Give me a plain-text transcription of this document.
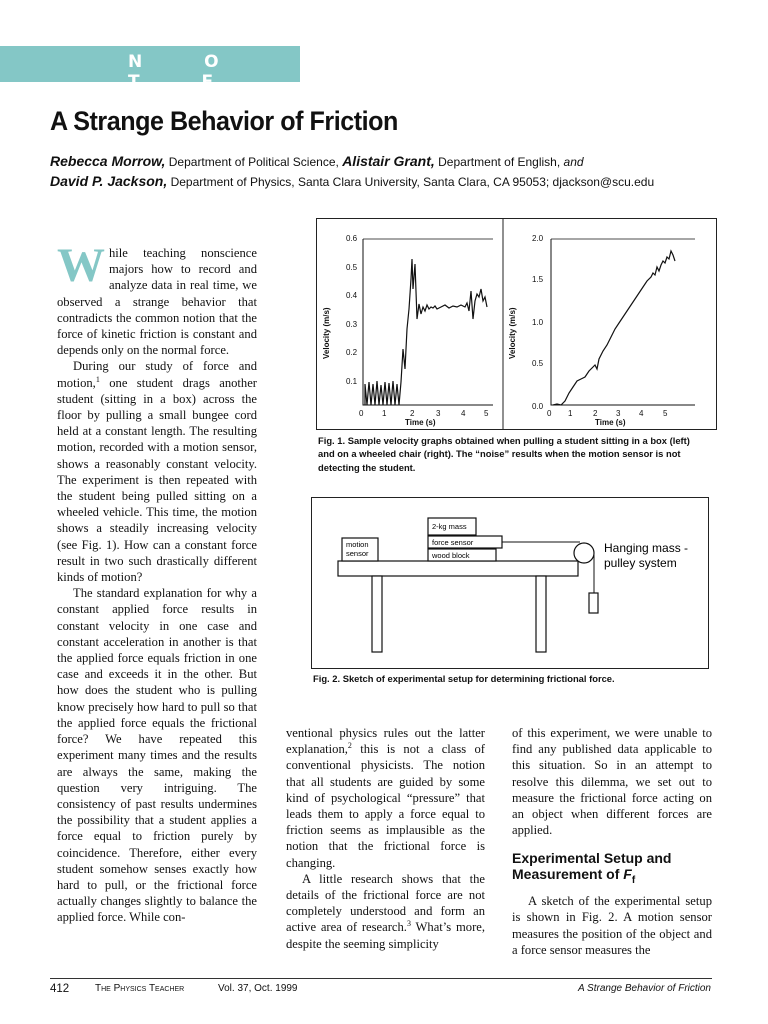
N O T E
A Strange Behavior of Friction
Rebecca Morrow, Department of Political Science, Alistair Grant, Department of English, and
David P. Jackson, Department of Physics, Santa Clara University, Santa Clara, CA 95053; djackson@scu.edu

While teaching nonscience majors how to record and analyze data in real time, we observed a strange behavior that contradicts the common notion that the force of kinetic friction is constant and depends only on the normal force.

During our study of force and motion,$^1$ one student drags another student (sitting in a box) across the floor by pulling a small bungee cord held at a constant length. The resulting motion, recorded with a motion sensor, shows a reasonably constant velocity. The experiment is then repeated with the student being pulled sitting on a wheeled vehicle. This time, the motion shows a steadily increasing velocity (see Fig. 1). How can a constant force result in two such drastically different kinds of motion?

The standard explanation for why a constant applied force results in constant velocity in one case and constant acceleration in another is that the applied force equals friction in one case and exceeds it in the other. But how does the student who is pulling know precisely how hard to pull so that the applied force equals the frictional force? We have repeated this experiment many times and the results are always the same, making the question very intriguing. The consistency of past results undermines the possibility that a student applies a force equal to friction purely by coincidence. Therefore, either every student somehow senses exactly how hard to pull, or the frictional force actually changes slightly to balance the applied force. While con-

ventional physics rules out the latter explanation,$^2$ this is not a class of conventional physicists. The notion that all students are guided by some kind of psychological “pressure” that leads them to apply a force equal to friction seems as implausible as the notion that the frictional force is changing.

A little research shows that the details of the frictional force are not completely understood and form an active area of research.$^3$ What’s more, despite the seeming simplicity

of this experiment, we were unable to find any published data applicable to this situation. So in an attempt to resolve this dilemma, we set out to measure the frictional force acting on an object when different forces are applied.

Experimental Setup and Measurement of $F_f$

A sketch of the experimental setup is shown in Fig. 2. A motion sensor measures the position of the object and a force sensor measures the

0.6
0.5
0.4
0.3
0.2
0.1
0 1	2	3	4 5
Time (s)
Velocity (m/s)
2.0
1.5
1.0
0.5
0.0
0 1	2 3 4 5
Time (s)
Velocity (m/s)
Fig. 1. Sample velocity graphs obtained when pulling a student sitting in a box (left) and on a wheeled chair (right). The “noise” results when the motion sensor is not detecting the student.
motion
sensor
2-kg mass
force sensor
wood block
Hanging mass -
pulley system
Fig. 2. Sketch of experimental setup for determining frictional force.
412	The Physics Teacher	Vol. 37, Oct. 1999	A Strange Behavior of Friction
